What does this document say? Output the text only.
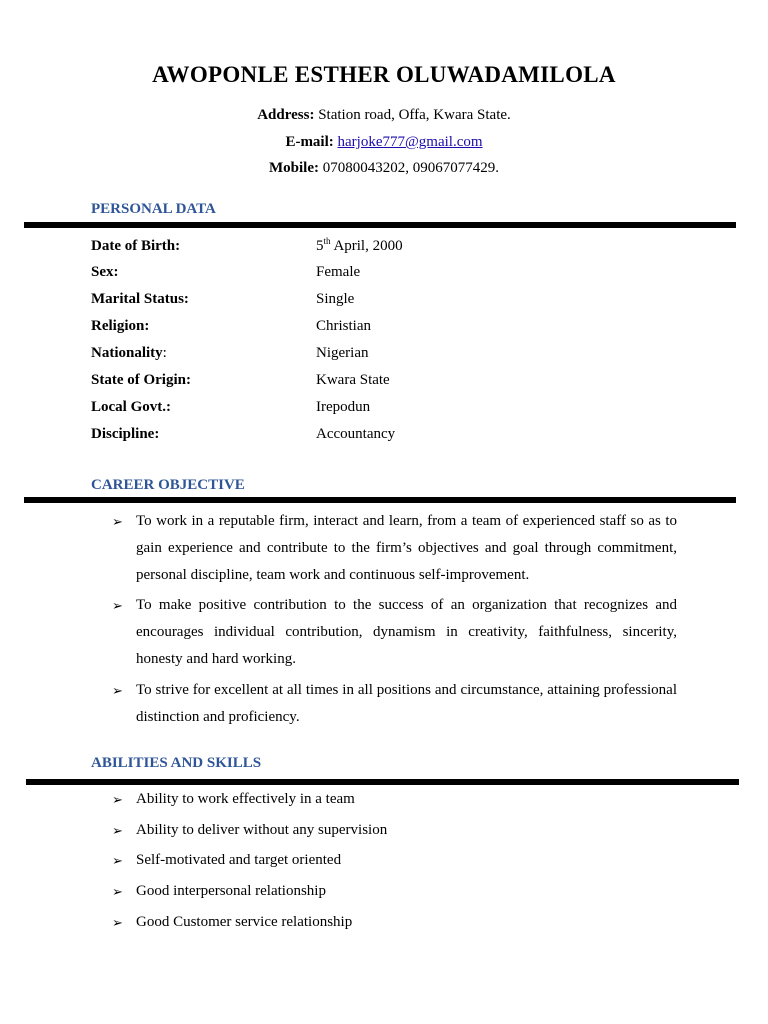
AWOPONLE ESTHER OLUWADAMILOLA
Address: Station road, Offa, Kwara State.
E-mail: harjoke777@gmail.com
Mobile: 07080043202, 09067077429.
PERSONAL DATA
Date of Birth:	5th April, 2000
Sex:	Female
Marital Status:	Single
Religion:	Christian
Nationality:	Nigerian
State of Origin:	Kwara State
Local Govt.:	Irepodun
Discipline:	Accountancy
CAREER OBJECTIVE
➢ To work in a reputable firm, interact and learn, from a team of experienced staff so as to gain experience and contribute to the firm’s objectives and goal through commitment, personal discipline, team work and continuous self-improvement.
➢ To make positive contribution to the success of an organization that recognizes and encourages individual contribution, dynamism in creativity, faithfulness, sincerity, honesty and hard working.
➢ To strive for excellent at all times in all positions and circumstance, attaining professional distinction and proficiency.
ABILITIES AND SKILLS
➢ Ability to work effectively in a team
➢ Ability to deliver without any supervision
➢ Self-motivated and target oriented
➢ Good interpersonal relationship
➢ Good Customer service relationship
